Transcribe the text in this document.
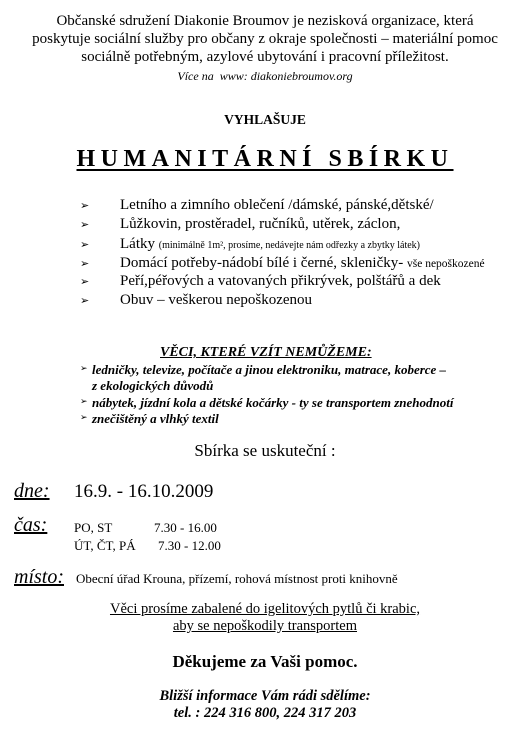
Občanské sdružení Diakonie Broumov je nezisková organizace, která
poskytuje sociální služby pro občany z okraje společnosti – materiální pomoc
sociálně potřebným, azylové ubytování i pracovní příležitost.
Více na www: diakoniebroumov.org
VYHLAŠUJE
HUMANITÁRNÍ SBÍRKU
➢ Letního a zimního oblečení /dámské, pánské,dětské/
➢ Lůžkovin, prostěradel, ručníků, utěrek, záclon,
➢ Látky (minimálně 1m², prosíme, nedávejte nám odřezky a zbytky látek)
➢ Domácí potřeby-nádobí bílé i černé, skleničky- vše nepoškozené
➢ Peří,péřových a vatovaných přikrývek, polštářů a dek
➢ Obuv – veškerou nepoškozenou
VĚCI, KTERÉ VZÍT NEMŮŽEME:
➢ ledničky, televize, počítače a jinou elektroniku, matrace, koberce –
z ekologických důvodů
➢ nábytek, jízdní kola a dětské kočárky - ty se transportem znehodnotí
➢ znečištěný a vlhký textil
Sbírka se uskuteční :
dne: 16.9. - 16.10.2009
čas: PO, ST	7.30 - 16.00
ÚT, ČT, PÁ 7.30 - 12.00
místo: Obecní úřad Krouna, přízemí, rohová místnost proti knihovně
Věci prosíme zabalené do igelitových pytlů či krabic,
aby se nepoškodily transportem
Děkujeme za Vaši pomoc.
Bližší informace Vám rádi sdělíme:
tel. : 224 316 800, 224 317 203
